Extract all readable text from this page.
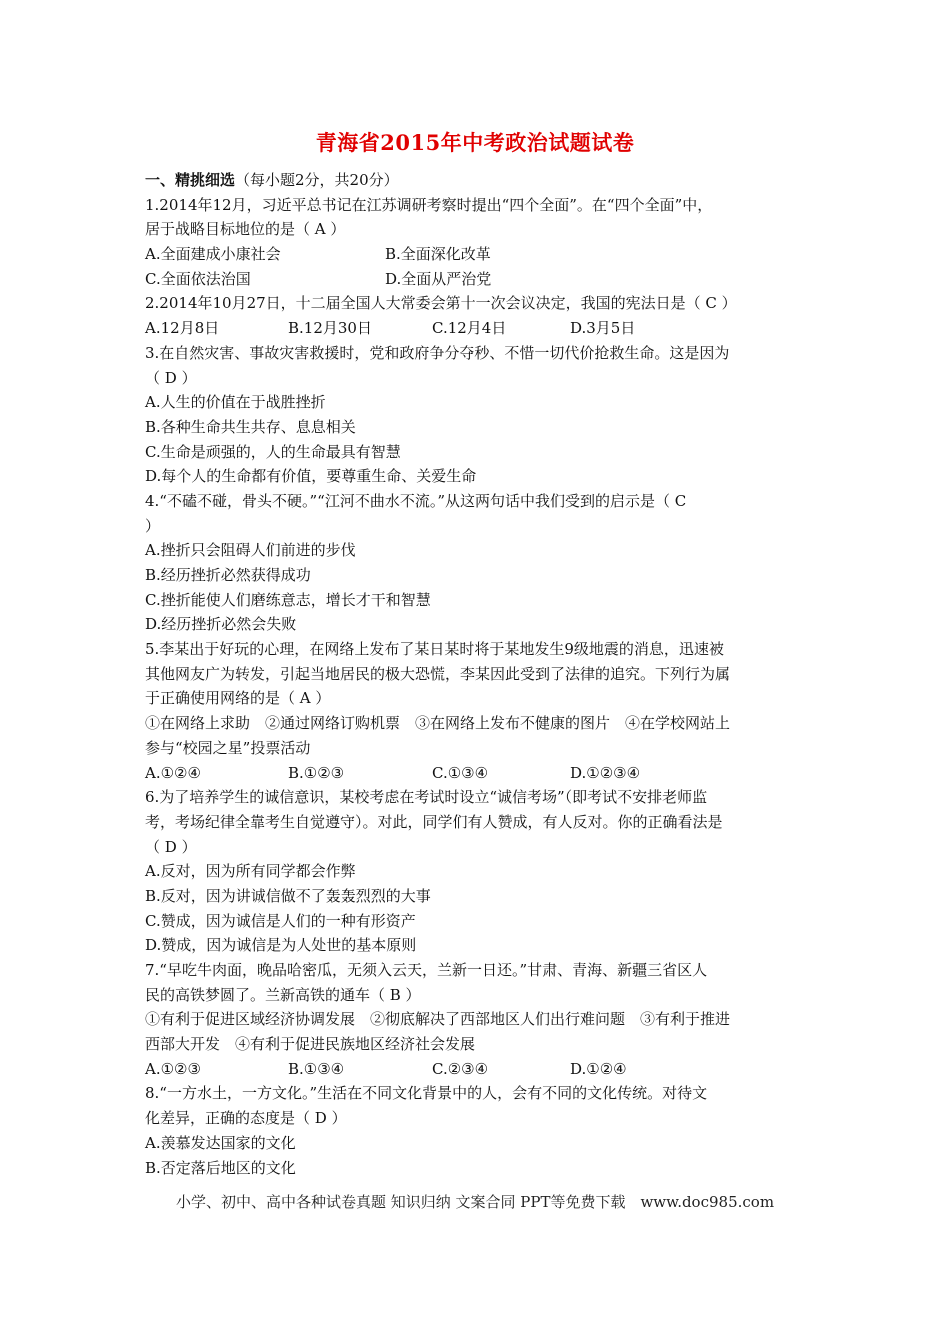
青海省2015年中考政治试题试卷
一、精挑细选（每小题2分，共20分）
1.2014年12月，习近平总书记在江苏调研考察时提出“四个全面”。在“四个全面”中，
居于战略目标地位的是（ A ）
A.全面建成小康社会	B.全面深化改革
C.全面依法治国	D.全面从严治党
2.2014年10月27日，十二届全国人大常委会第十一次会议决定，我国的宪法日是（ C ）
A.12月8日	B.12月30日	C.12月4日	D.3月5日
3.在自然灾害、事故灾害救援时，党和政府争分夺秒、不惜一切代价抢救生命。这是因为
（ D ）
A.人生的价值在于战胜挫折
B.各种生命共生共存、息息相关
C.生命是顽强的，人的生命最具有智慧
D.每个人的生命都有价值，要尊重生命、关爱生命
4.“不磕不碰，骨头不硬。”“江河不曲水不流。”从这两句话中我们受到的启示是（ C
）
A.挫折只会阻碍人们前进的步伐
B.经历挫折必然获得成功
C.挫折能使人们磨练意志，增长才干和智慧
D.经历挫折必然会失败
5.李某出于好玩的心理，在网络上发布了某日某时将于某地发生9级地震的消息，迅速被
其他网友广为转发，引起当地居民的极大恐慌，李某因此受到了法律的追究。下列行为属
于正确使用网络的是（ A ）
①在网络上求助　②通过网络订购机票　③在网络上发布不健康的图片　④在学校网站上
参与“校园之星”投票活动
A.①②④	B.①②③	C.①③④	D.①②③④
6.为了培养学生的诚信意识，某校考虑在考试时设立“诚信考场”（即考试不安排老师监
考，考场纪律全靠考生自觉遵守）。对此，同学们有人赞成，有人反对。你的正确看法是
（ D ）
A.反对，因为所有同学都会作弊
B.反对，因为讲诚信做不了轰轰烈烈的大事
C.赞成，因为诚信是人们的一种有形资产
D.赞成，因为诚信是为人处世的基本原则
7.“早吃牛肉面，晚品哈密瓜，无须入云天，兰新一日还。”甘肃、青海、新疆三省区人
民的高铁梦圆了。兰新高铁的通车（ B ）
①有利于促进区域经济协调发展　②彻底解决了西部地区人们出行难问题　③有利于推进
西部大开发　④有利于促进民族地区经济社会发展
A.①②③	B.①③④	C.②③④	D.①②④
8.“一方水土，一方文化。”生活在不同文化背景中的人，会有不同的文化传统。对待文
化差异，正确的态度是（ D ）
A.羡慕发达国家的文化
B.否定落后地区的文化
小学、初中、高中各种试卷真题 知识归纳 文案合同 PPT等免费下载　www.doc985.com
